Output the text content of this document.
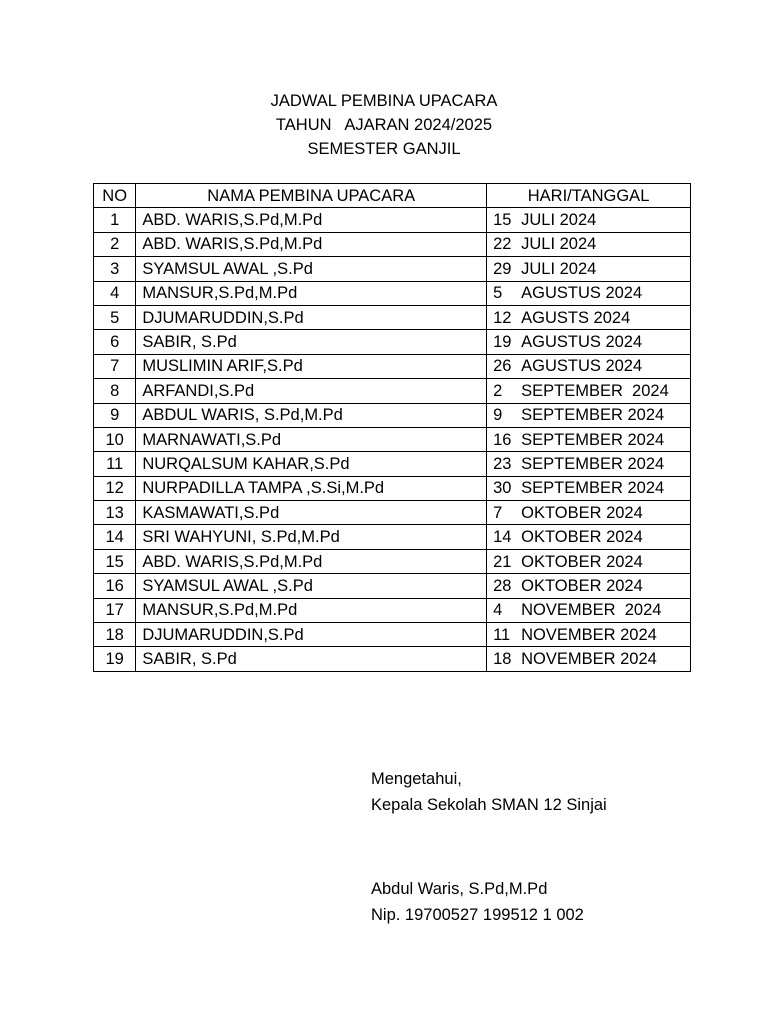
JADWAL PEMBINA UPACARA
TAHUN   AJARAN 2024/2025
SEMESTER GANJIL
NO	NAMA PEMBINA UPACARA	HARI/TANGGAL
1	ABD. WARIS,S.Pd,M.Pd	15 JULI 2024
2	ABD. WARIS,S.Pd,M.Pd	22 JULI 2024
3	SYAMSUL AWAL ,S.Pd	29 JULI 2024
4	MANSUR,S.Pd,M.Pd	5 AGUSTUS 2024
5	DJUMARUDDIN,S.Pd	12 AGUSTS 2024
6	SABIR, S.Pd	19 AGUSTUS 2024
7	MUSLIMIN ARIF,S.Pd	26 AGUSTUS 2024
8	ARFANDI,S.Pd	2 SEPTEMBER  2024
9	ABDUL WARIS, S.Pd,M.Pd	9 SEPTEMBER 2024
10	MARNAWATI,S.Pd	16 SEPTEMBER 2024
11	NURQALSUM KAHAR,S.Pd	23 SEPTEMBER 2024
12	NURPADILLA TAMPA ,S.Si,M.Pd	30 SEPTEMBER 2024
13	KASMAWATI,S.Pd	7 OKTOBER 2024
14	SRI WAHYUNI, S.Pd,M.Pd	14 OKTOBER 2024
15	ABD. WARIS,S.Pd,M.Pd	21 OKTOBER 2024
16	SYAMSUL AWAL ,S.Pd	28 OKTOBER 2024
17	MANSUR,S.Pd,M.Pd	4 NOVEMBER  2024
18	DJUMARUDDIN,S.Pd	11 NOVEMBER 2024
19	SABIR, S.Pd	18 NOVEMBER 2024
Mengetahui,
Kepala Sekolah SMAN 12 Sinjai
Abdul Waris, S.Pd,M.Pd
Nip. 19700527 199512 1 002
